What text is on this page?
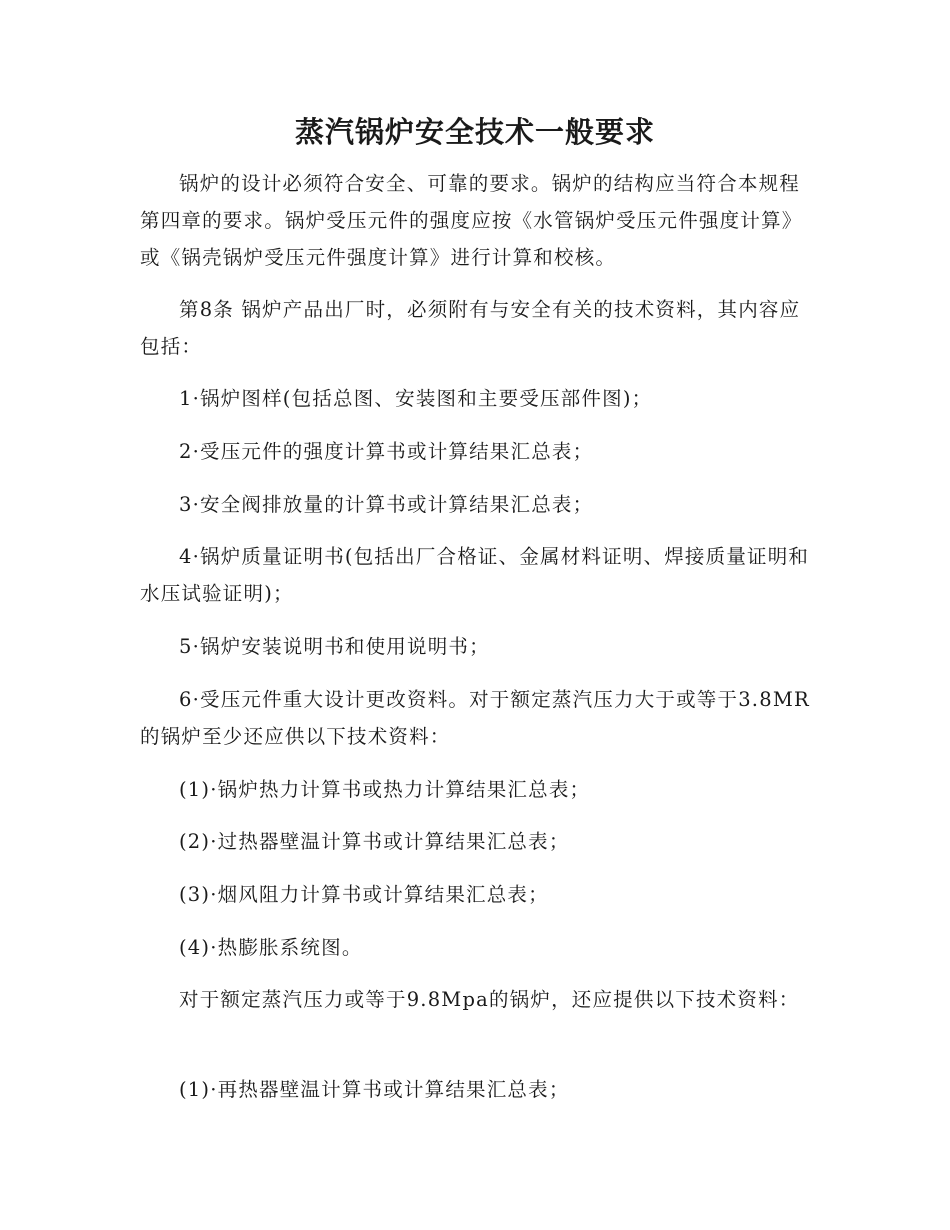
蒸汽锅炉安全技术一般要求

锅炉的设计必须符合安全、可靠的要求。锅炉的结构应当符合本规程第四章的要求。锅炉受压元件的强度应按《水管锅炉受压元件强度计算》或《锅壳锅炉受压元件强度计算》进行计算和校核。

第8条 锅炉产品出厂时，必须附有与安全有关的技术资料，其内容应包括：

1·锅炉图样(包括总图、安装图和主要受压部件图)；

2·受压元件的强度计算书或计算结果汇总表；

3·安全阀排放量的计算书或计算结果汇总表；

4·锅炉质量证明书(包括出厂合格证、金属材料证明、焊接质量证明和水压试验证明)；

5·锅炉安装说明书和使用说明书；

6·受压元件重大设计更改资料。对于额定蒸汽压力大于或等于3.8MR的锅炉至少还应供以下技术资料：

(1)·锅炉热力计算书或热力计算结果汇总表；

(2)·过热器壁温计算书或计算结果汇总表；

(3)·烟风阻力计算书或计算结果汇总表；

(4)·热膨胀系统图。

对于额定蒸汽压力或等于9.8Mpa的锅炉，还应提供以下技术资料：

(1)·再热器壁温计算书或计算结果汇总表；
